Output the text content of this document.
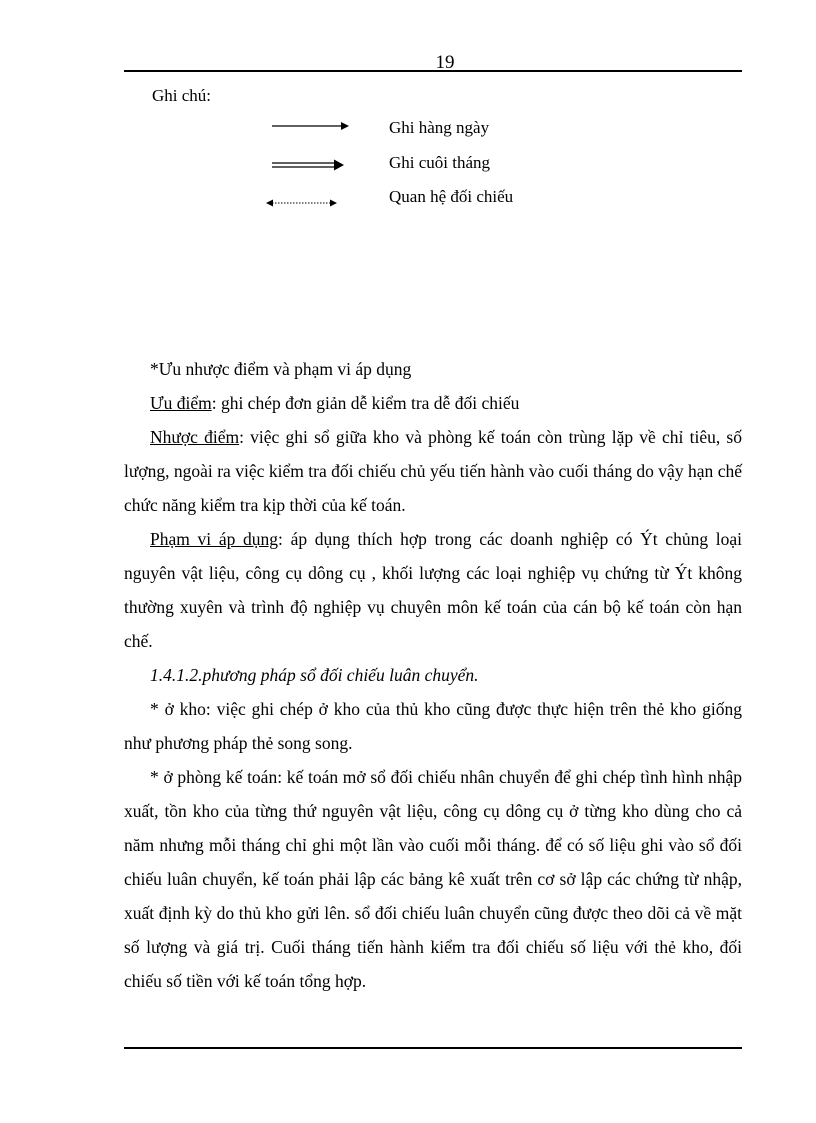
19
Ghi chú:
Ghi hàng ngày
Ghi cuôi tháng
Quan hệ đối chiếu

*Ưu nhược điểm và phạm vi áp dụng

Ưu điểm: ghi chép đơn giản dễ kiểm tra dễ đối chiếu

Nhược điểm: việc ghi sổ giữa kho và phòng kế toán còn trùng lặp về chỉ tiêu, số lượng, ngoài ra việc kiểm tra đối chiếu chủ yếu tiến hành vào cuối tháng do vậy hạn chế chức năng kiểm tra kịp thời của kế toán.

Phạm vi áp dụng: áp dụng thích hợp trong các doanh nghiệp có Ýt chủng loại nguyên vật liệu, công cụ dông cụ , khối lượng các loại nghiệp vụ chứng từ Ýt không thường xuyên và trình độ nghiệp vụ chuyên môn kế toán của cán bộ kế toán còn hạn chế.

1.4.1.2.phương pháp sổ đối chiếu luân chuyển.

* ở kho: việc ghi chép ở kho của thủ kho cũng được thực hiện trên thẻ kho giống như phương pháp thẻ song song.

* ở phòng kế toán: kế toán mở sổ đối chiếu nhân chuyển để ghi chép tình hình nhập xuất, tồn kho của từng thứ nguyên vật liệu, công cụ dông cụ ở từng kho dùng cho cả năm nhưng mỗi tháng chỉ ghi một lần vào cuối mỗi tháng. để có số liệu ghi vào sổ đối chiếu luân chuyển, kế toán phải lập các bảng kê xuất trên cơ sở lập các chứng từ nhập, xuất định kỳ do thủ kho gửi lên. sổ đối chiếu luân chuyển cũng được theo dõi cả về mặt số lượng và giá trị. Cuối tháng tiến hành kiểm tra đối chiếu số liệu với thẻ kho, đối chiếu số tiền với kế toán tổng hợp.
